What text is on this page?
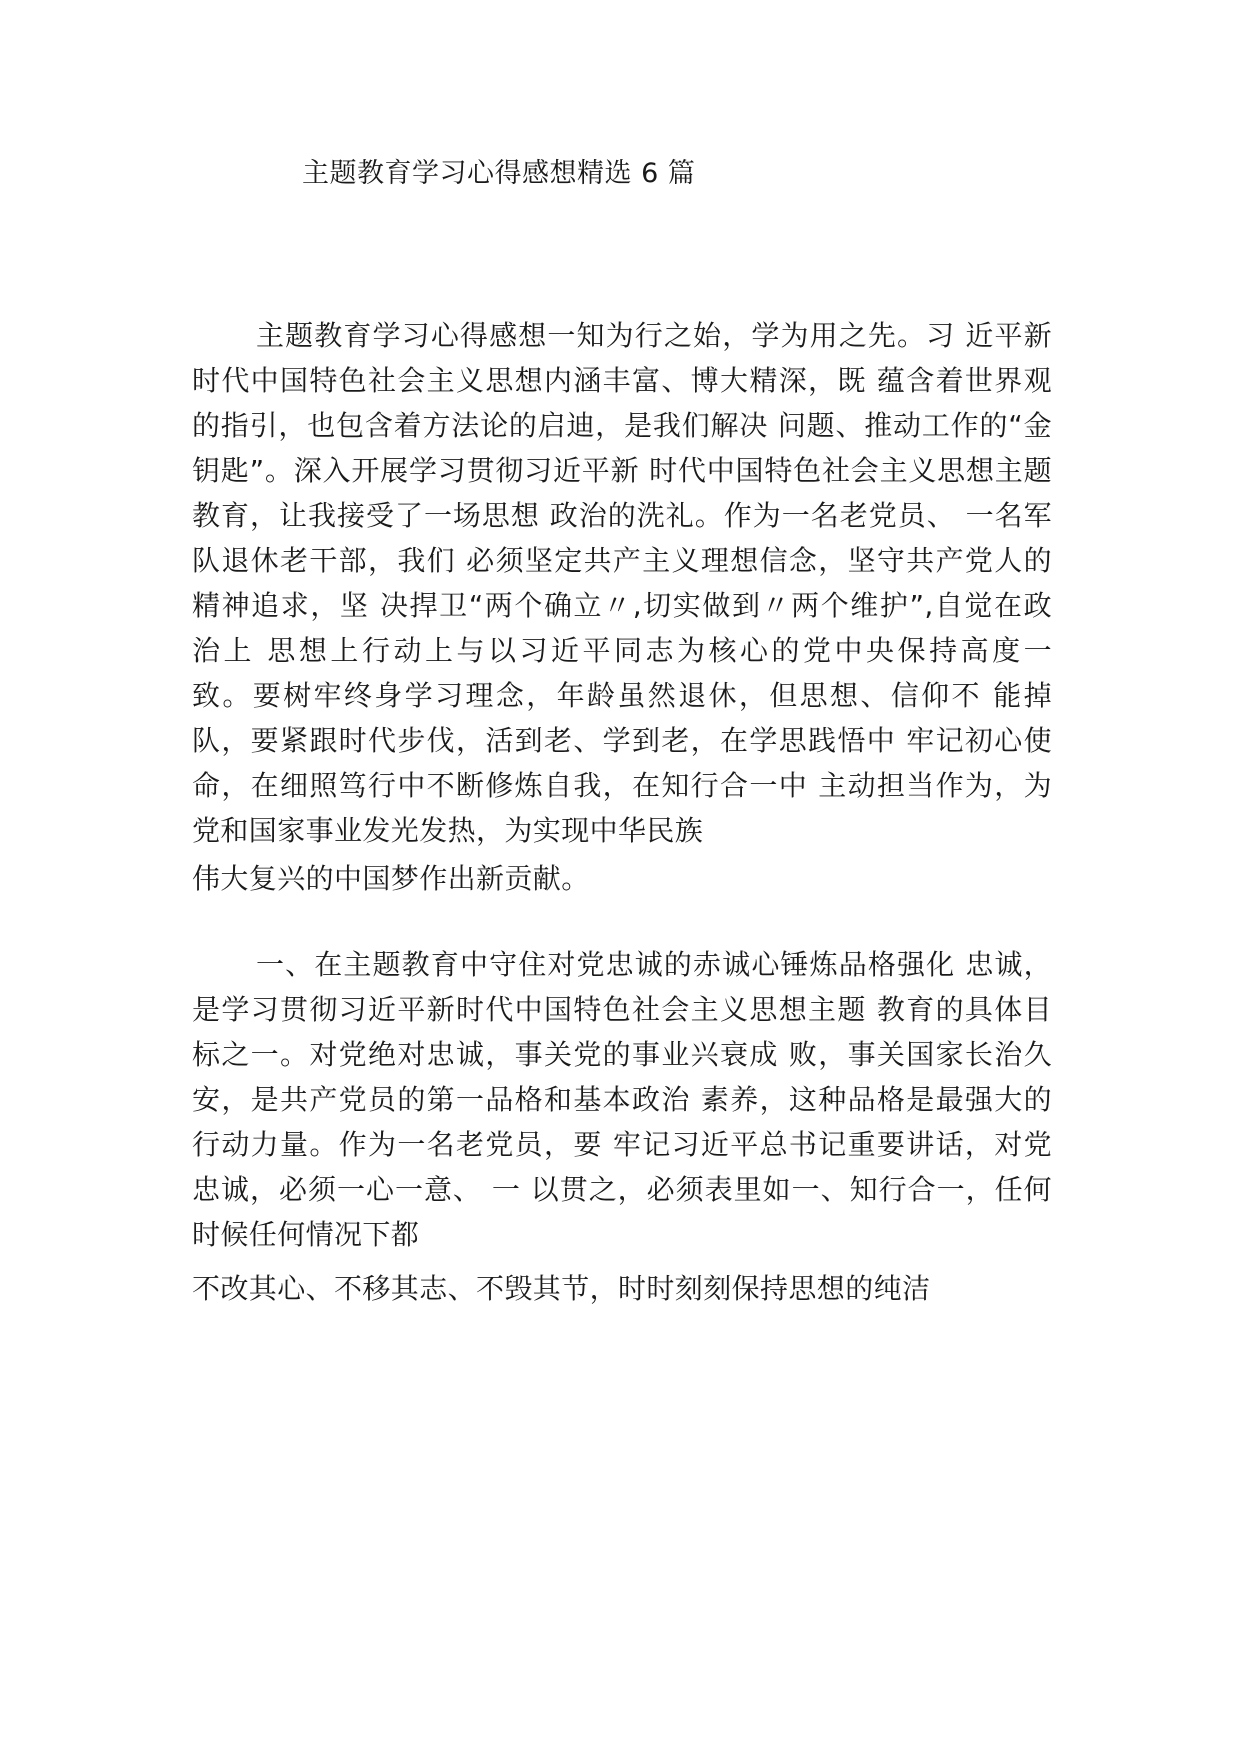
主题教育学习心得感想精选 6 篇
主题教育学习心得感想一知为行之始，学为用之先。习 近平新
时代中国特色社会主义思想内涵丰富、博大精深，既 蕴含着世界观
的指引，也包含着方法论的启迪，是我们解决 问题、推动工作的“金
钥匙”。深入开展学习贯彻习近平新 时代中国特色社会主义思想主题
教育，让我接受了一场思想 政治的洗礼。作为一名老党员、 一名军
队退休老干部，我们 必须坚定共产主义理想信念，坚守共产党人的
精神追求，坚 决捍卫“两个确立〃,切实做到〃两个维护”,自觉在政
治上 思想上行动上与以习近平同志为核心的党中央保持高度一
致。要树牢终身学习理念，年龄虽然退休，但思想、信仰不 能掉
队，要紧跟时代步伐，活到老、学到老，在学思践悟中 牢记初心使
命，在细照笃行中不断修炼自我，在知行合一中 主动担当作为，为
党和国家事业发光发热，为实现中华民族
伟大复兴的中国梦作出新贡献。
一、在主题教育中守住对党忠诚的赤诚心锤炼品格强化 忠诚，
是学习贯彻习近平新时代中国特色社会主义思想主题 教育的具体目
标之一。对党绝对忠诚，事关党的事业兴衰成 败，事关国家长治久
安，是共产党员的第一品格和基本政治 素养，这种品格是最强大的
行动力量。作为一名老党员，要 牢记习近平总书记重要讲话，对党
忠诚，必须一心一意、 一 以贯之，必须表里如一、知行合一，任何
时候任何情况下都
不改其心、不移其志、不毁其节，时时刻刻保持思想的纯洁
